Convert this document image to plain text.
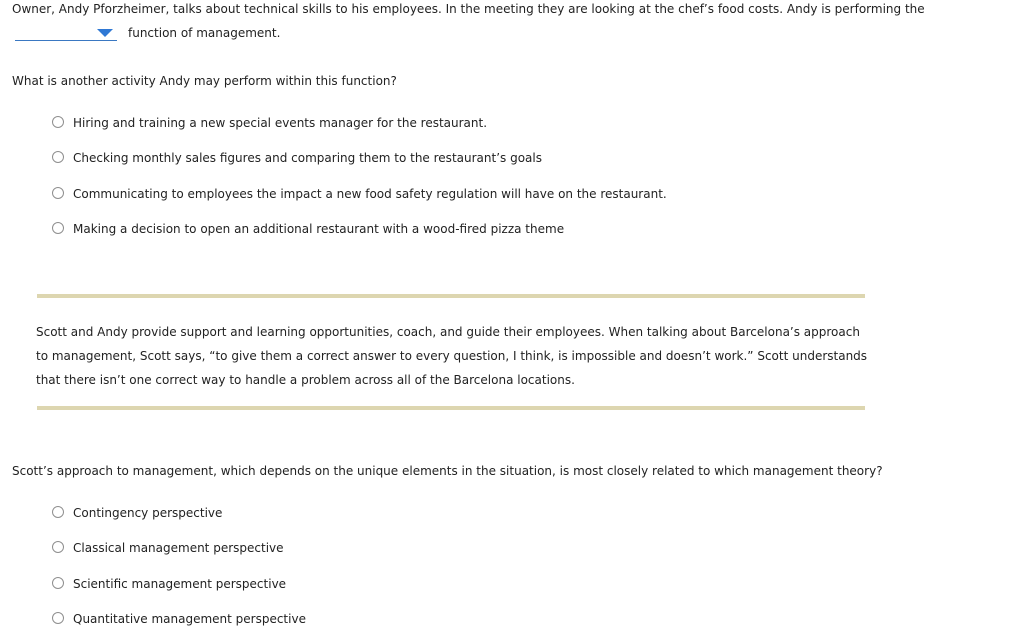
Owner, Andy Pforzheimer, talks about technical skills to his employees. In the meeting they are looking at the chef’s food costs. Andy is performing the
function of management.
What is another activity Andy may perform within this function?
Hiring and training a new special events manager for the restaurant.
Checking monthly sales figures and comparing them to the restaurant’s goals
Communicating to employees the impact a new food safety regulation will have on the restaurant.
Making a decision to open an additional restaurant with a wood-fired pizza theme
Scott and Andy provide support and learning opportunities, coach, and guide their employees. When talking about Barcelona’s approach to management, Scott says, “to give them a correct answer to every question, I think, is impossible and doesn’t work.” Scott understands that there isn’t one correct way to handle a problem across all of the Barcelona locations.
Scott’s approach to management, which depends on the unique elements in the situation, is most closely related to which management theory?
Contingency perspective
Classical management perspective
Scientific management perspective
Quantitative management perspective
